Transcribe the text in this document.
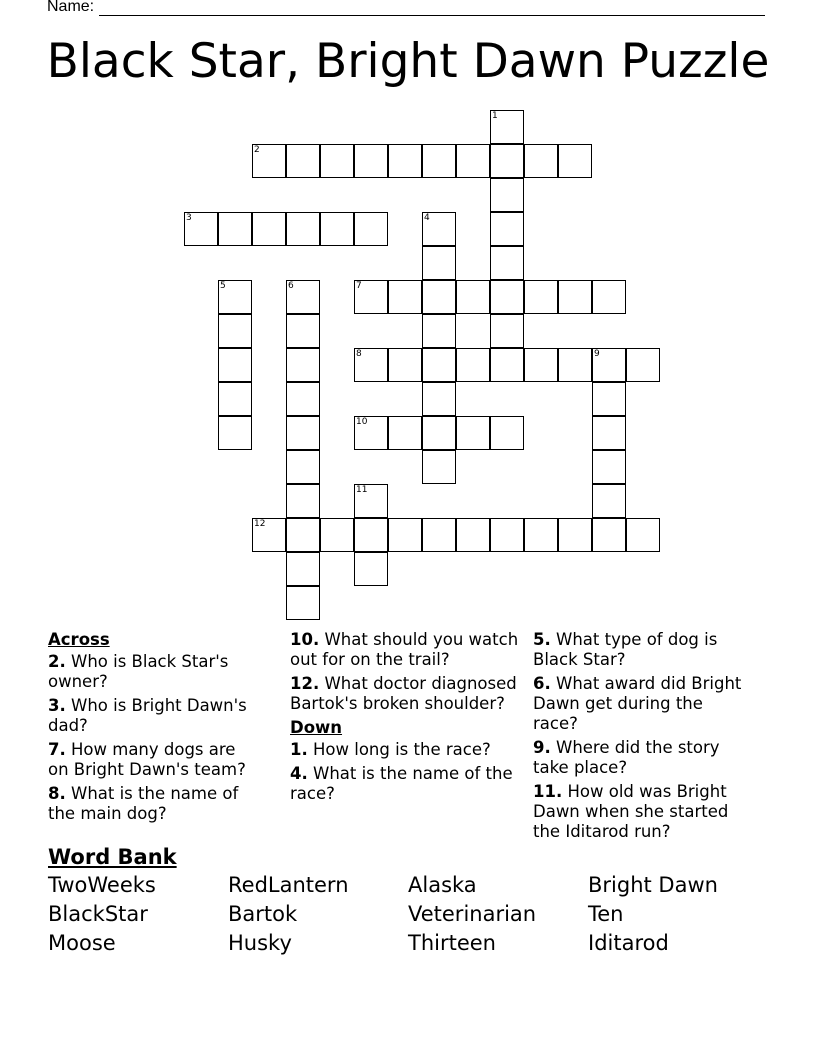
Name:
Black Star, Bright Dawn Puzzle
1
2
3	4
5	6	7
8	9
10
11
12
Across
2. Who is Black Star's owner?
3. Who is Bright Dawn's dad?
7. How many dogs are on Bright Dawn's team?
8. What is the name of the main dog?
10. What should you watch out for on the trail?
12. What doctor diagnosed Bartok's broken shoulder?
Down
1. How long is the race?
4. What is the name of the race?
5. What type of dog is Black Star?
6. What award did Bright Dawn get during the race?
9. Where did the story take place?
11. How old was Bright Dawn when she started the Iditarod run?
Word Bank
TwoWeeks	RedLantern	Alaska	Bright Dawn
BlackStar	Bartok	Veterinarian	Ten
Moose	Husky	Thirteen	Iditarod
